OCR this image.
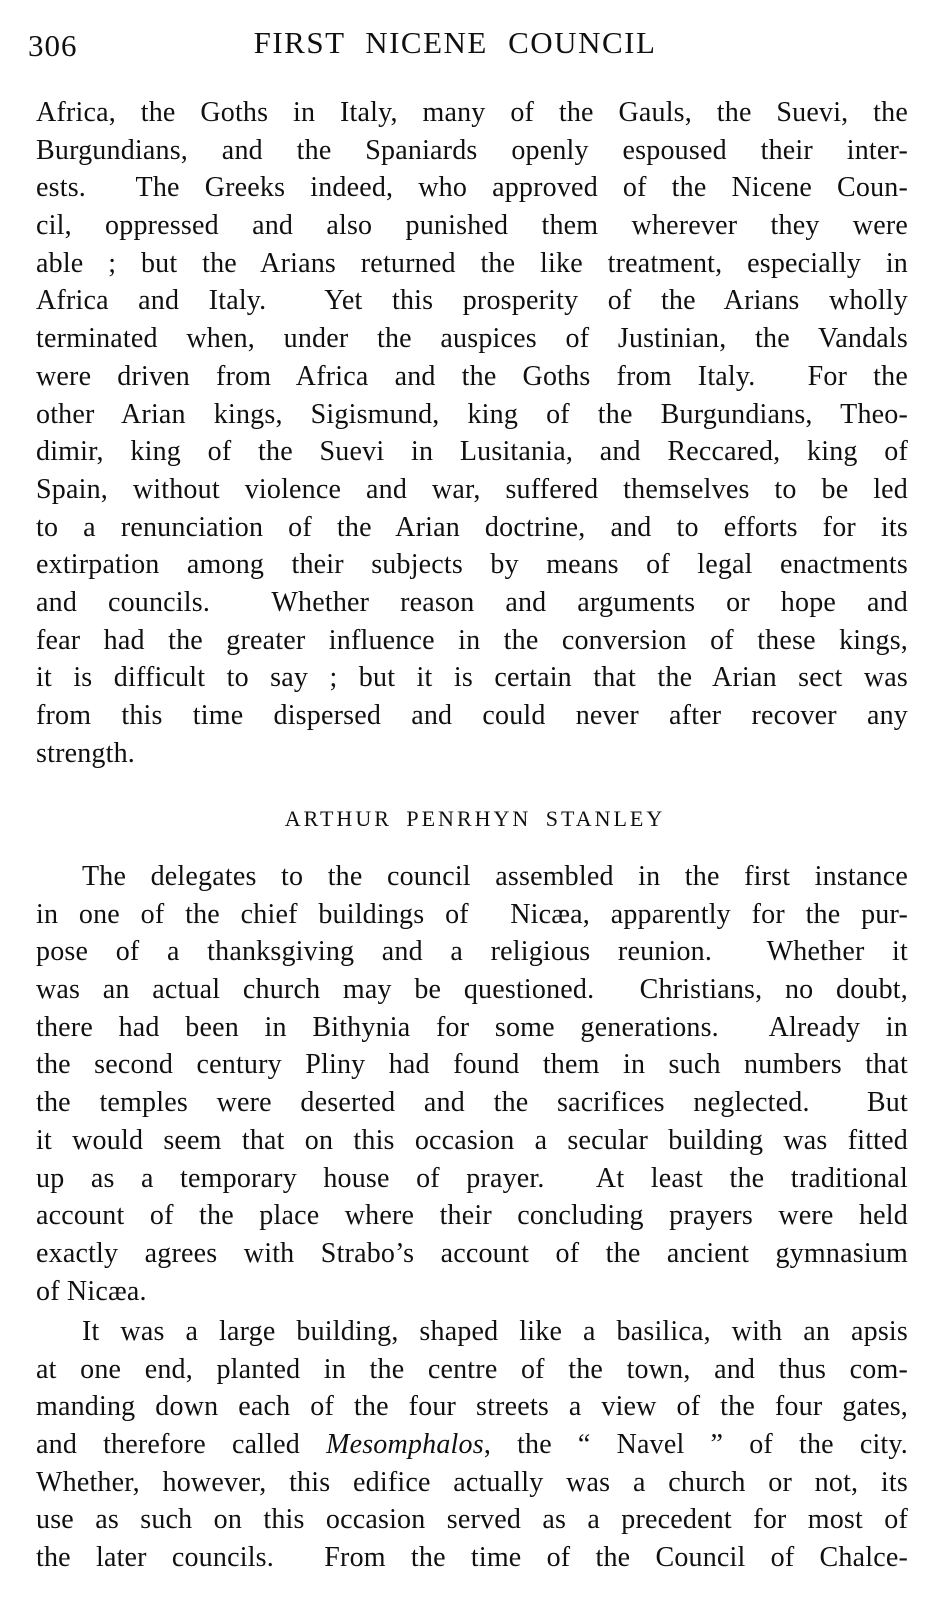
306	FIRST NICENE COUNCIL
Africa, the Goths in Italy, many of the Gauls, the Suevi, the
Burgundians, and the Spaniards openly espoused their inter-
ests.  The Greeks indeed, who approved of the Nicene Coun-
cil, oppressed and also punished them wherever they were
able ; but the Arians returned the like treatment, especially in
Africa and Italy.  Yet this prosperity of the Arians wholly
terminated when, under the auspices of Justinian, the Vandals
were driven from Africa and the Goths from Italy.  For the
other Arian kings, Sigismund, king of the Burgundians, Theo-
dimir, king of the Suevi in Lusitania, and Reccared, king of
Spain, without violence and war, suffered themselves to be led
to a renunciation of the Arian doctrine, and to efforts for its
extirpation among their subjects by means of legal enactments
and councils.  Whether reason and arguments or hope and
fear had the greater influence in the conversion of these kings,
it is difficult to say ; but it is certain that the Arian sect was
from this time dispersed and could never after recover any
strength.
ARTHUR PENRHYN STANLEY
The delegates to the council assembled in the first instance
in one of the chief buildings of  Nicæa, apparently for the pur-
pose of a thanksgiving and a religious reunion.  Whether it
was an actual church may be questioned.  Christians, no doubt,
there had been in Bithynia for some generations.  Already in
the second century Pliny had found them in such numbers that
the temples were deserted and the sacrifices neglected.  But
it would seem that on this occasion a secular building was fitted
up as a temporary house of prayer.  At least the traditional
account of the place where their concluding prayers were held
exactly agrees with Strabo’s account of the ancient gymnasium
of Nicæa.
It was a large building, shaped like a basilica, with an apsis
at one end, planted in the centre of the town, and thus com-
manding down each of the four streets a view of the four gates,
and therefore called Mesomphalos, the “ Navel ” of the city.
Whether, however, this edifice actually was a church or not, its
use as such on this occasion served as a precedent for most of
the later councils.  From the time of the Council of Chalce-
